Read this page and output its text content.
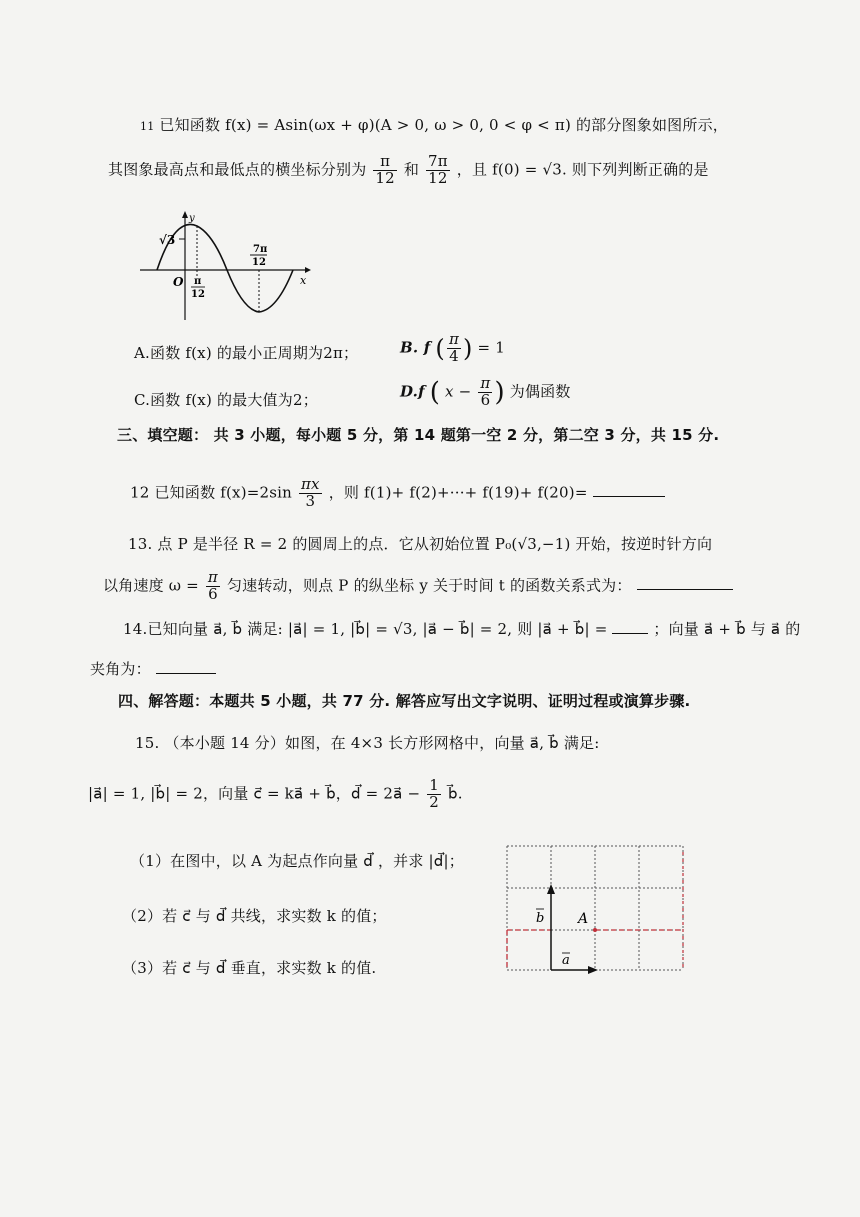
11 已知函数 f(x) = Asin(ωx + φ)(A > 0, ω > 0, 0 < φ < π) 的部分图象如图所示，
其图象最高点和最低点的横坐标分别为 $\frac{\pi}{12}$ 和 $\frac{7\pi}{12}$ ，且 f(0) = √3. 则下列判断正确的是
y
x
O
√3
π
12
7π
12
A.函数 f(x) 的最小正周期为2π；	B. f ( $\frac{\pi}{4}$ ) = 1
C.函数 f(x) 的最大值为2；	D.f ( $x - \frac{\pi}{6}$ ) 为偶函数
三、填空题： 共 3 小题，每小题 5 分，第 14 题第一空 2 分，第二空 3 分，共 15 分.
12 已知函数 $f(x)=2\sin \frac{\pi x}{3}$ ，则 f(1)+ f(2)+···+ f(19)+ f(20)=
13. 点 P 是半径 R = 2 的圆周上的点．它从初始位置 P₀(√3,−1) 开始，按逆时针方向
以角速度 $\omega = \frac{\pi}{6}$ 匀速转动，则点 P 的纵坐标 y 关于时间 t 的函数关系式为：
14.已知向量 a⃗, b⃗ 满足: |a⃗| = 1, |b⃗| = √3, |a⃗ − b⃗| = 2, 则 |a⃗ + b⃗| =	；向量 a⃗ + b⃗ 与 a⃗ 的
夹角为：
四、解答题：本题共 5 小题，共 77 分. 解答应写出文字说明、证明过程或演算步骤.
15. （本小题 14 分）如图，在 4×3 长方形网格中，向量 a⃗, b⃗ 满足:
|a⃗| = 1, |b⃗| = 2，向量 c⃗ = ka⃗ + b⃗，d⃗ = 2a⃗ − $\frac{1}{2}$ b⃗.
（1）在图中，以 A 为起点作向量 d⃗ ，并求 |d⃗|；
（2）若 c⃗ 与 d⃗ 共线，求实数 k 的值；
（3）若 c⃗ 与 d⃗ 垂直，求实数 k 的值.
b
a
A
